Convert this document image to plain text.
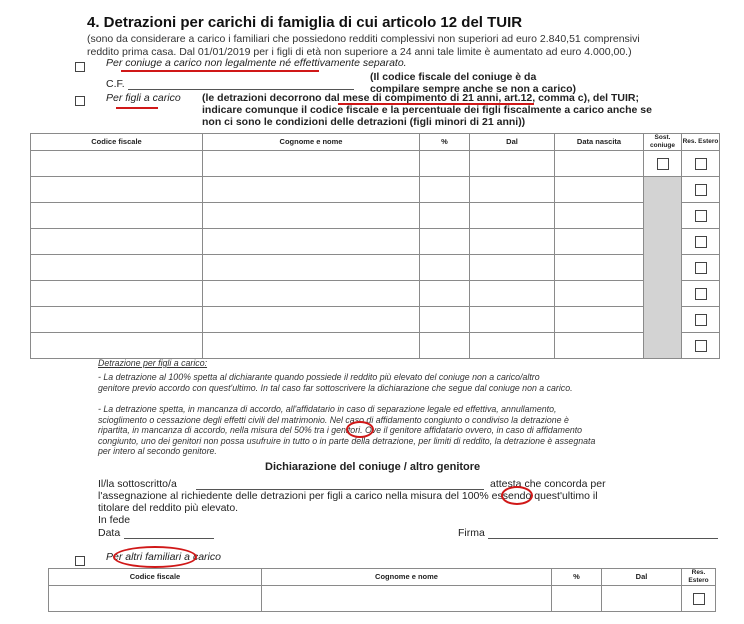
4. Detrazioni per carichi di famiglia di cui articolo 12 del TUIR
(sono da considerare a carico i familiari che possiedono redditi complessivi non superiori ad euro 2.840,51 comprensivi
reddito prima casa. Dal 01/01/2019 per i figli di età non superiore a 24 anni tale limite è aumentato ad euro 4.000,00.)
Per coniuge a carico non legalmente né effettivamente separato.
C.F.
(Il codice fiscale del coniuge è da
compilare sempre anche se non a carico)
Per figli a carico (le detrazioni decorrono dal mese di compimento di 21 anni, art.12, comma c), del TUIR;
indicare comunque il codice fiscale e la percentuale dei figli fiscalmente a carico anche se
non ci sono le condizioni delle detrazioni (figli minori di 21 anni))
Codice fiscale	Cognome e nome	%	Dal	Data nascita	Sost. coniuge	Res. Estero

Detrazione per figli a carico:
- La detrazione al 100% spetta al dichiarante quando possiede il reddito più elevato del coniuge non a carico/altro
genitore previo accordo con quest'ultimo. In tal caso far sottoscrivere la dichiarazione che segue dal coniuge non a carico.
- La detrazione spetta, in mancanza di accordo, all'affidatario in caso di separazione legale ed effettiva, annullamento,
scioglimento o cessazione degli effetti civili del matrimonio. Nel caso di affidamento congiunto o condiviso la detrazione è
ripartita, in mancanza di accordo, nella misura del 50% tra i genitori. Ove il genitore affidatario ovvero, in caso di affidamento
congiunto, uno dei genitori non possa usufruire in tutto o in parte della detrazione, per limiti di reddito, la detrazione è assegnata
per intero al secondo genitore.
Dichiarazione del coniuge / altro genitore
Il/la sottoscritto/a	attesta che concorda per
l'assegnazione al richiedente delle detrazioni per figli a carico nella misura del 100% essendo quest'ultimo il
titolare del reddito più elevato.
In fede
Data	Firma
Per altri familiari a carico
Codice fiscale	Cognome e nome	%	Dal	Res. Estero
